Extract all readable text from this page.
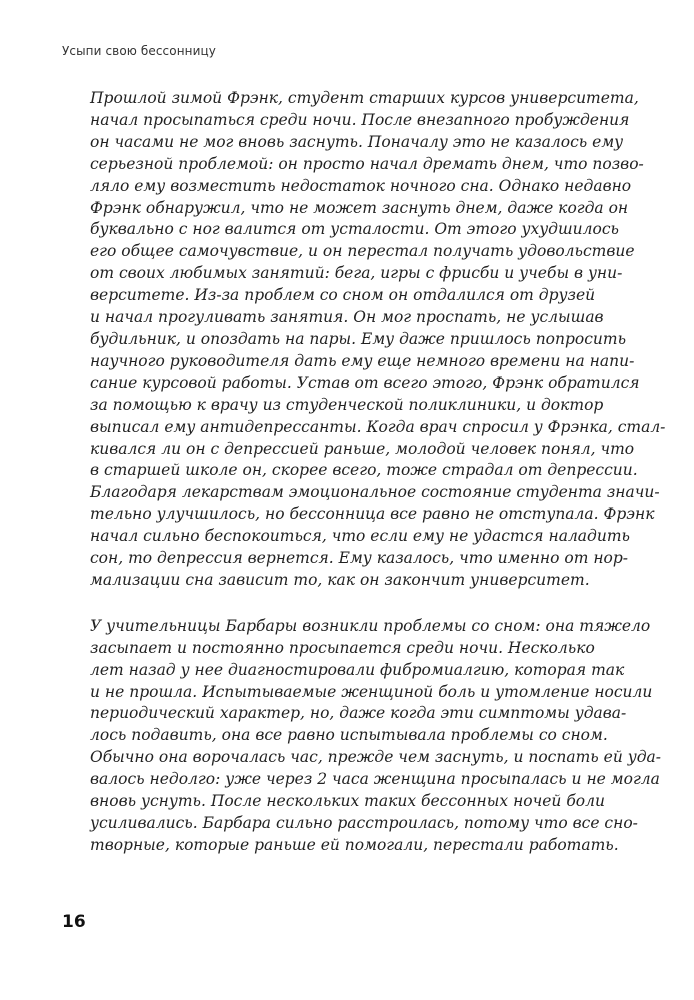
Усыпи свою бессонницу

Прошлой зимой Фрэнк, студент старших курсов университета,
начал просыпаться среди ночи. После внезапного пробуждения
он часами не мог вновь заснуть. Поначалу это не казалось ему
серьезной проблемой: он просто начал дремать днем, что позво-
ляло ему возместить недостаток ночного сна. Однако недавно
Фрэнк обнаружил, что не может заснуть днем, даже когда он
буквально с ног валится от усталости. От этого ухудшилось
его общее самочувствие, и он перестал получать удовольствие
от своих любимых занятий: бега, игры с фрисби и учебы в уни-
верситете. Из-за проблем со сном он отдалился от друзей
и начал прогуливать занятия. Он мог проспать, не услышав
будильник, и опоздать на пары. Ему даже пришлось попросить
научного руководителя дать ему еще немного времени на напи-
сание курсовой работы. Устав от всего этого, Фрэнк обратился
за помощью к врачу из студенческой поликлиники, и доктор
выписал ему антидепрессанты. Когда врач спросил у Фрэнка, стал-
кивался ли он с депрессией раньше, молодой человек понял, что
в старшей школе он, скорее всего, тоже страдал от депрессии.
Благодаря лекарствам эмоциональное состояние студента значи-
тельно улучшилось, но бессонница все равно не отступала. Фрэнк
начал сильно беспокоиться, что если ему не удастся наладить
сон, то депрессия вернется. Ему казалось, что именно от нор-
мализации сна зависит то, как он закончит университет.

У учительницы Барбары возникли проблемы со сном: она тяжело
засыпает и постоянно просыпается среди ночи. Несколько
лет назад у нее диагностировали фибромиалгию, которая так
и не прошла. Испытываемые женщиной боль и утомление носили
периодический характер, но, даже когда эти симптомы удава-
лось подавить, она все равно испытывала проблемы со сном.
Обычно она ворочалась час, прежде чем заснуть, и поспать ей уда-
валось недолго: уже через 2 часа женщина просыпалась и не могла
вновь уснуть. После нескольких таких бессонных ночей боли
усиливались. Барбара сильно расстроилась, потому что все сно-
творные, которые раньше ей помогали, перестали работать.

16
